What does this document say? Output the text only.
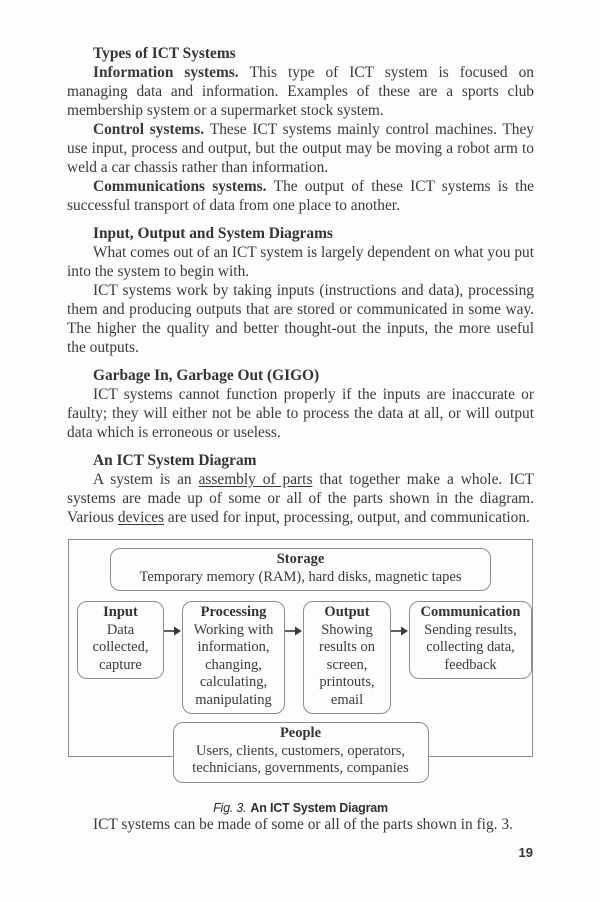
Types of ICT Systems

Information systems. This type of ICT system is focused on managing data and information. Examples of these are a sports club membership system or a supermarket stock system.

Control systems. These ICT systems mainly control machines. They use input, process and output, but the output may be moving a robot arm to weld a car chassis rather than information.

Communications systems. The output of these ICT systems is the successful transport of data from one place to another.

Input, Output and System Diagrams

What comes out of an ICT system is largely dependent on what you put into the system to begin with.

ICT systems work by taking inputs (instructions and data), processing them and producing outputs that are stored or communicated in some way. The higher the quality and better thought-out the inputs, the more useful the outputs.

Garbage In, Garbage Out (GIGO)

ICT systems cannot function properly if the inputs are inaccurate or faulty; they will either not be able to process the data at all, or will output data which is erroneous or useless.

An ICT System Diagram

A system is an assembly of parts that together make a whole. ICT systems are made up of some or all of the parts shown in the diagram. Various devices are used for input, processing, output, and communication.

Storage
Temporary memory (RAM), hard disks, magnetic tapes
Input
Data collected, capture
Processing
Working with information, changing, calculating, manipulating
Output
Showing results on screen, printouts, email
Communication
Sending results, collecting data, feedback
People
Users, clients, customers, operators, technicians, governments, companies
Fig. 3. An ICT System Diagram

ICT systems can be made of some or all of the parts shown in fig. 3.

19
